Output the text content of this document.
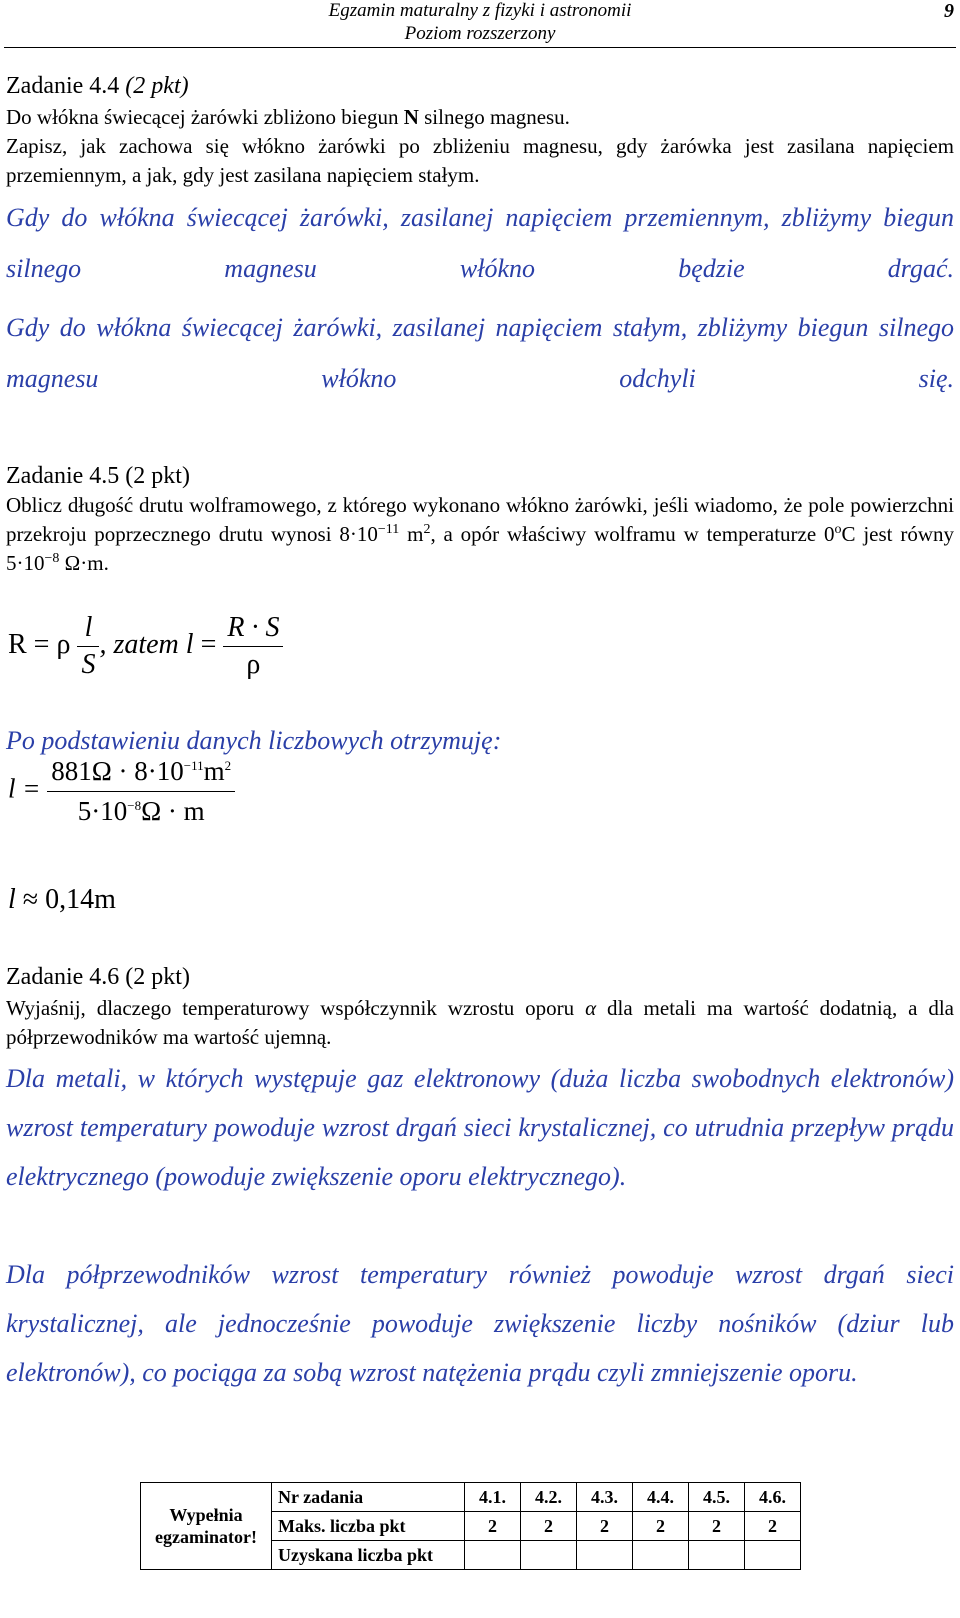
Egzamin maturalny z fizyki i astronomii
Poziom rozszerzony
9
Zadanie 4.4 (2 pkt)
Do włókna świecącej żarówki zbliżono biegun N silnego magnesu.
Zapisz, jak zachowa się włókno żarówki po zbliżeniu magnesu, gdy żarówka jest zasilana napięciem przemiennym, a jak, gdy jest zasilana napięciem stałym.
Gdy do włókna świecącej żarówki, zasilanej napięciem przemiennym, zbliżymy biegun silnego magnesu włókno będzie drgać.
Gdy do włókna świecącej żarówki, zasilanej napięciem stałym, zbliżymy biegun silnego magnesu włókno odchyli się.
Zadanie 4.5 (2 pkt)
Oblicz długość drutu wolframowego, z którego wykonano włókno żarówki, jeśli wiadomo, że pole powierzchni przekroju poprzecznego drutu wynosi $8\cdot 10^{-11}$ $m^2$, a opór właściwy wolframu w temperaturze 0$^o$C jest równy $5\cdot 10^{-8}$ Ω·m.
R = ρ $\frac{l}{S}$ , zatem $l = \frac{R \cdot S}{\rho}$
Po podstawieniu danych liczbowych otrzymuję:
$l = \frac{881\Omega \cdot 8\cdot 10^{-11}m^2}{5\cdot 10^{-8}\Omega \cdot m}$
l ≈ 0,14m
Zadanie 4.6 (2 pkt)
Wyjaśnij, dlaczego temperaturowy współczynnik wzrostu oporu α dla metali ma wartość dodatnią, a dla półprzewodników ma wartość ujemną.
Dla metali, w których występuje gaz elektronowy (duża liczba swobodnych elektronów) wzrost temperatury powoduje wzrost drgań sieci krystalicznej, co utrudnia przepływ prądu elektrycznego (powoduje zwiększenie oporu elektrycznego).
Dla półprzewodników wzrost temperatury również powoduje wzrost drgań sieci krystalicznej, ale jednocześnie powoduje zwiększenie liczby nośników (dziur lub elektronów), co pociąga za sobą wzrost natężenia prądu czyli zmniejszenie oporu.
Wypełnia egzaminator!	Nr zadania	4.1.	4.2.	4.3.	4.4.	4.5.	4.6.
	Maks. liczba pkt	2	2	2	2	2	2
	Uzyskana liczba pkt						
